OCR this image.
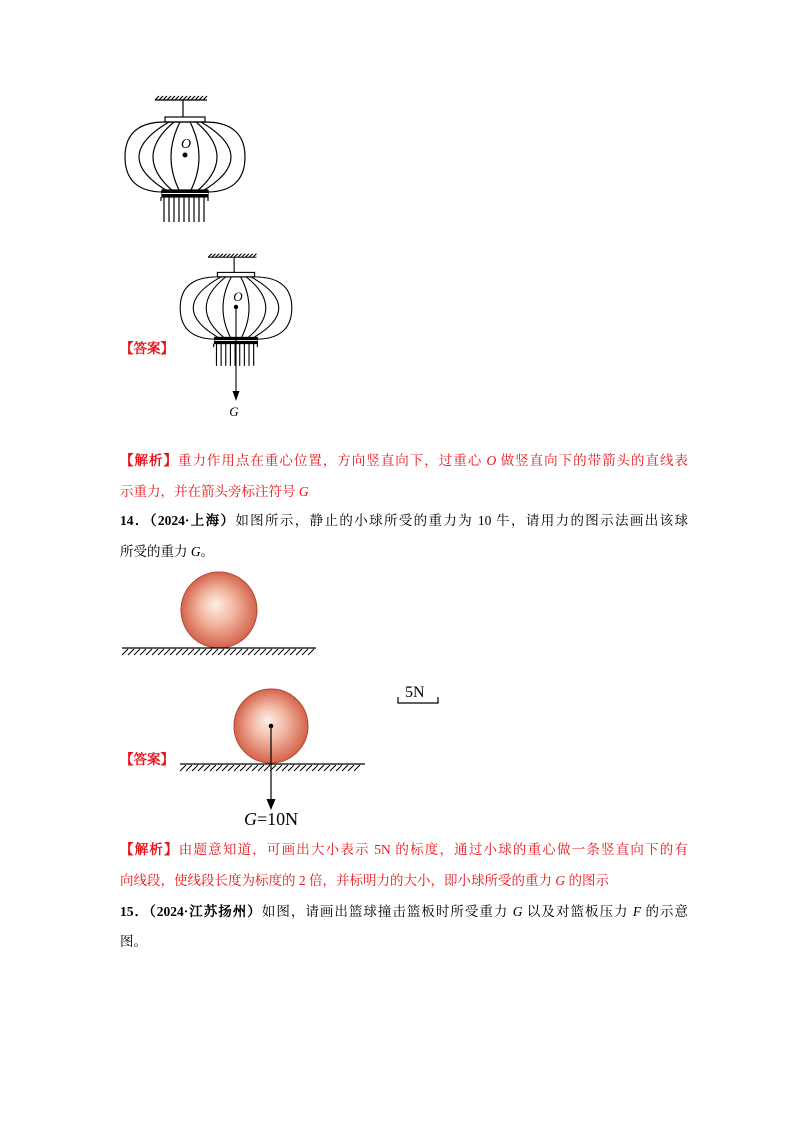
O
O
G
5N
G=10N
【答案】
【答案】
【解析】重力作用点在重心位置，方向竖直向下，过重心 O 做竖直向下的带箭头的直线表
示重力，并在箭头旁标注符号 G
14．（2024·上海）如图所示，静止的小球所受的重力为 10 牛，请用力的图示法画出该球
所受的重力 G。
【解析】由题意知道，可画出大小表示 5N 的标度，通过小球的重心做一条竖直向下的有
向线段，使线段长度为标度的 2 倍，并标明力的大小，即小球所受的重力 G 的图示
15．（2024·江苏扬州）如图，请画出篮球撞击篮板时所受重力 G 以及对篮板压力 F 的示意
图。
